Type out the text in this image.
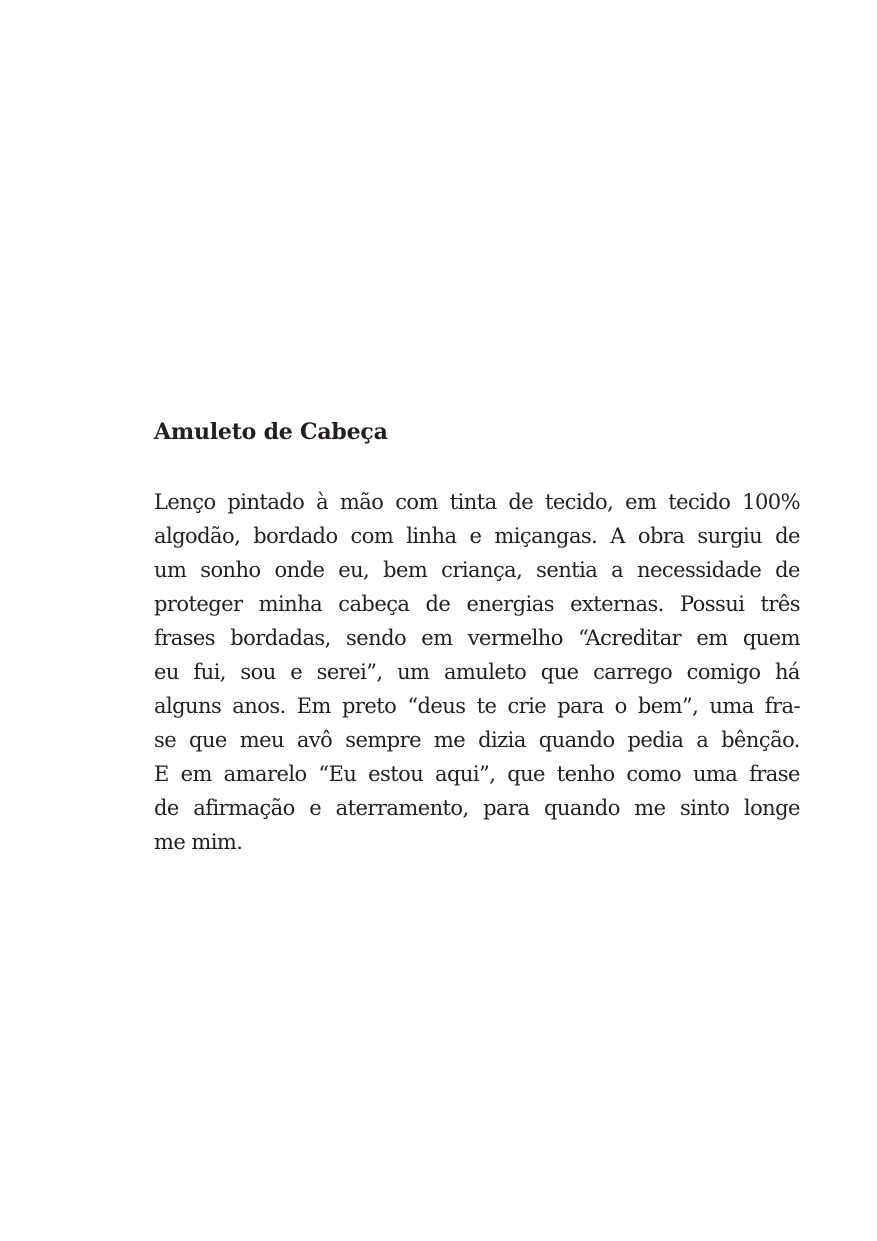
Amuleto de Cabeça
Lenço pintado à mão com tinta de tecido, em tecido 100%
algodão, bordado com linha e miçangas. A obra surgiu de
um sonho onde eu, bem criança, sentia a necessidade de
proteger minha cabeça de energias externas. Possui três
frases bordadas, sendo em vermelho “Acreditar em quem
eu fui, sou e serei”, um amuleto que carrego comigo há
alguns anos. Em preto “deus te crie para o bem”, uma fra-
se que meu avô sempre me dizia quando pedia a bênção.
E em amarelo “Eu estou aqui”, que tenho como uma frase
de afirmação e aterramento, para quando me sinto longe
me mim.
